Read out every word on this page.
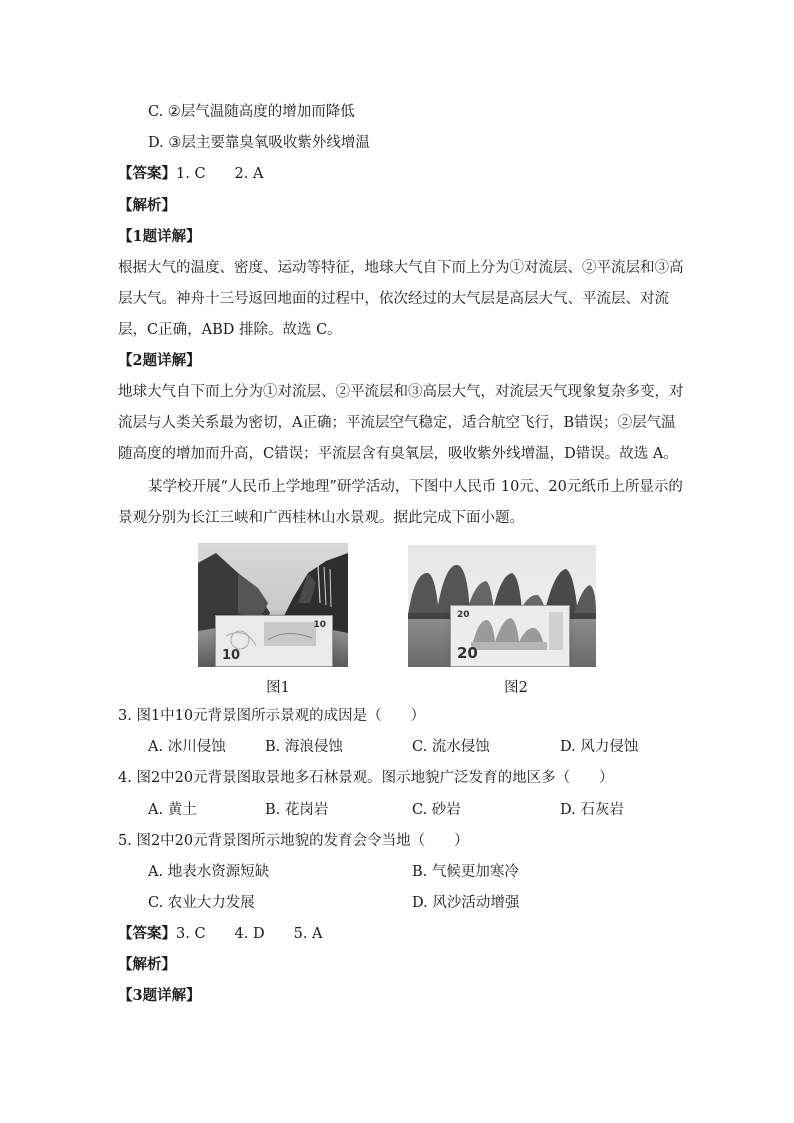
C. ②层气温随高度的增加而降低
D. ③层主要靠臭氧吸收紫外线增温
【答案】1. C　　2. A
【解析】
【1题详解】
根据大气的温度、密度、运动等特征，地球大气自下而上分为①对流层、②平流层和③高
层大气。神舟十三号返回地面的过程中，依次经过的大气层是高层大气、平流层、对流
层，C正确，ABD 排除。故选 C。
【2题详解】
地球大气自下而上分为①对流层、②平流层和③高层大气，对流层天气现象复杂多变，对
流层与人类关系最为密切，A正确；平流层空气稳定，适合航空飞行，B错误；②层气温
随高度的增加而升高，C错误；平流层含有臭氧层，吸收紫外线增温，D错误。故选 A。
某学校开展“人民币上学地理”研学活动，下图中人民币 10元、20元纸币上所显示的
景观分别为长江三峡和广西桂林山水景观。据此完成下面小题。
10
10
图1
20
20
图2
3. 图1中10元背景图所示景观的成因是（　　）
A. 冰川侵蚀	B. 海浪侵蚀	C. 流水侵蚀	D. 风力侵蚀
4. 图2中20元背景图取景地多石林景观。图示地貌广泛发育的地区多（　　）
A. 黄土	B. 花岗岩	C. 砂岩	D. 石灰岩
5. 图2中20元背景图所示地貌的发育会令当地（　　）
A. 地表水资源短缺	B. 气候更加寒冷
C. 农业大力发展	D. 风沙活动增强
【答案】3. C　　4. D　　5. A
【解析】
【3题详解】
